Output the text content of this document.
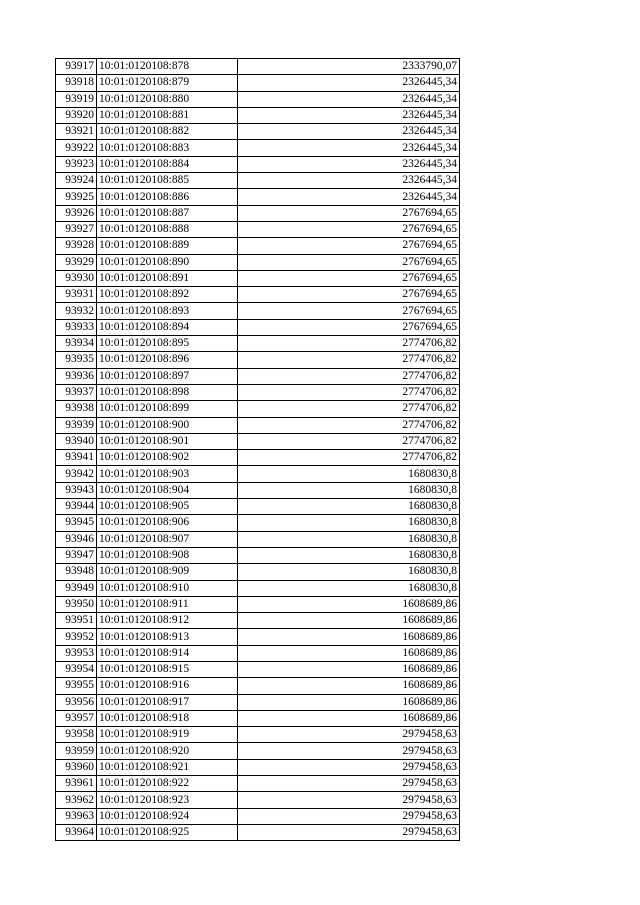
93917	10:01:0120108:878	2333790,07
93918	10:01:0120108:879	2326445,34
93919	10:01:0120108:880	2326445,34
93920	10:01:0120108:881	2326445,34
93921	10:01:0120108:882	2326445,34
93922	10:01:0120108:883	2326445,34
93923	10:01:0120108:884	2326445,34
93924	10:01:0120108:885	2326445,34
93925	10:01:0120108:886	2326445,34
93926	10:01:0120108:887	2767694,65
93927	10:01:0120108:888	2767694,65
93928	10:01:0120108:889	2767694,65
93929	10:01:0120108:890	2767694,65
93930	10:01:0120108:891	2767694,65
93931	10:01:0120108:892	2767694,65
93932	10:01:0120108:893	2767694,65
93933	10:01:0120108:894	2767694,65
93934	10:01:0120108:895	2774706,82
93935	10:01:0120108:896	2774706,82
93936	10:01:0120108:897	2774706,82
93937	10:01:0120108:898	2774706,82
93938	10:01:0120108:899	2774706,82
93939	10:01:0120108:900	2774706,82
93940	10:01:0120108:901	2774706,82
93941	10:01:0120108:902	2774706,82
93942	10:01:0120108:903	1680830,8
93943	10:01:0120108:904	1680830,8
93944	10:01:0120108:905	1680830,8
93945	10:01:0120108:906	1680830,8
93946	10:01:0120108:907	1680830,8
93947	10:01:0120108:908	1680830,8
93948	10:01:0120108:909	1680830,8
93949	10:01:0120108:910	1680830,8
93950	10:01:0120108:911	1608689,86
93951	10:01:0120108:912	1608689,86
93952	10:01:0120108:913	1608689,86
93953	10:01:0120108:914	1608689,86
93954	10:01:0120108:915	1608689,86
93955	10:01:0120108:916	1608689,86
93956	10:01:0120108:917	1608689,86
93957	10:01:0120108:918	1608689,86
93958	10:01:0120108:919	2979458,63
93959	10:01:0120108:920	2979458,63
93960	10:01:0120108:921	2979458,63
93961	10:01:0120108:922	2979458,63
93962	10:01:0120108:923	2979458,63
93963	10:01:0120108:924	2979458,63
93964	10:01:0120108:925	2979458,63
